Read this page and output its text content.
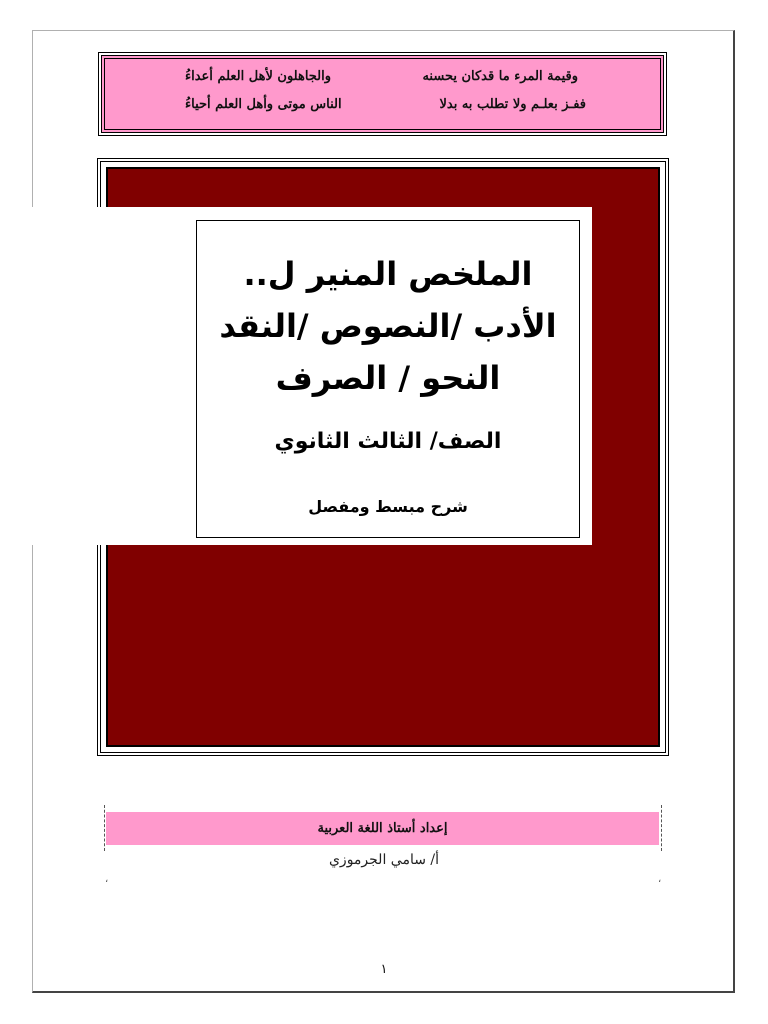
وقيمة المرء ما قدكان يحسنه
والجاهلون لأهل العلم أعداءُ
ففـز بعلـم ولا تطلب به بدلا
الناس موتى وأهل العلم أحياءُ
الملخص المنير ل..
الأدب /النصوص /النقد
النحو / الصرف
الصف/ الثالث الثانوي
شرح مبسط ومفصل
إعداد أستاذ اللغة العربية
أ/ سامي الجرموزي
،	،
١
